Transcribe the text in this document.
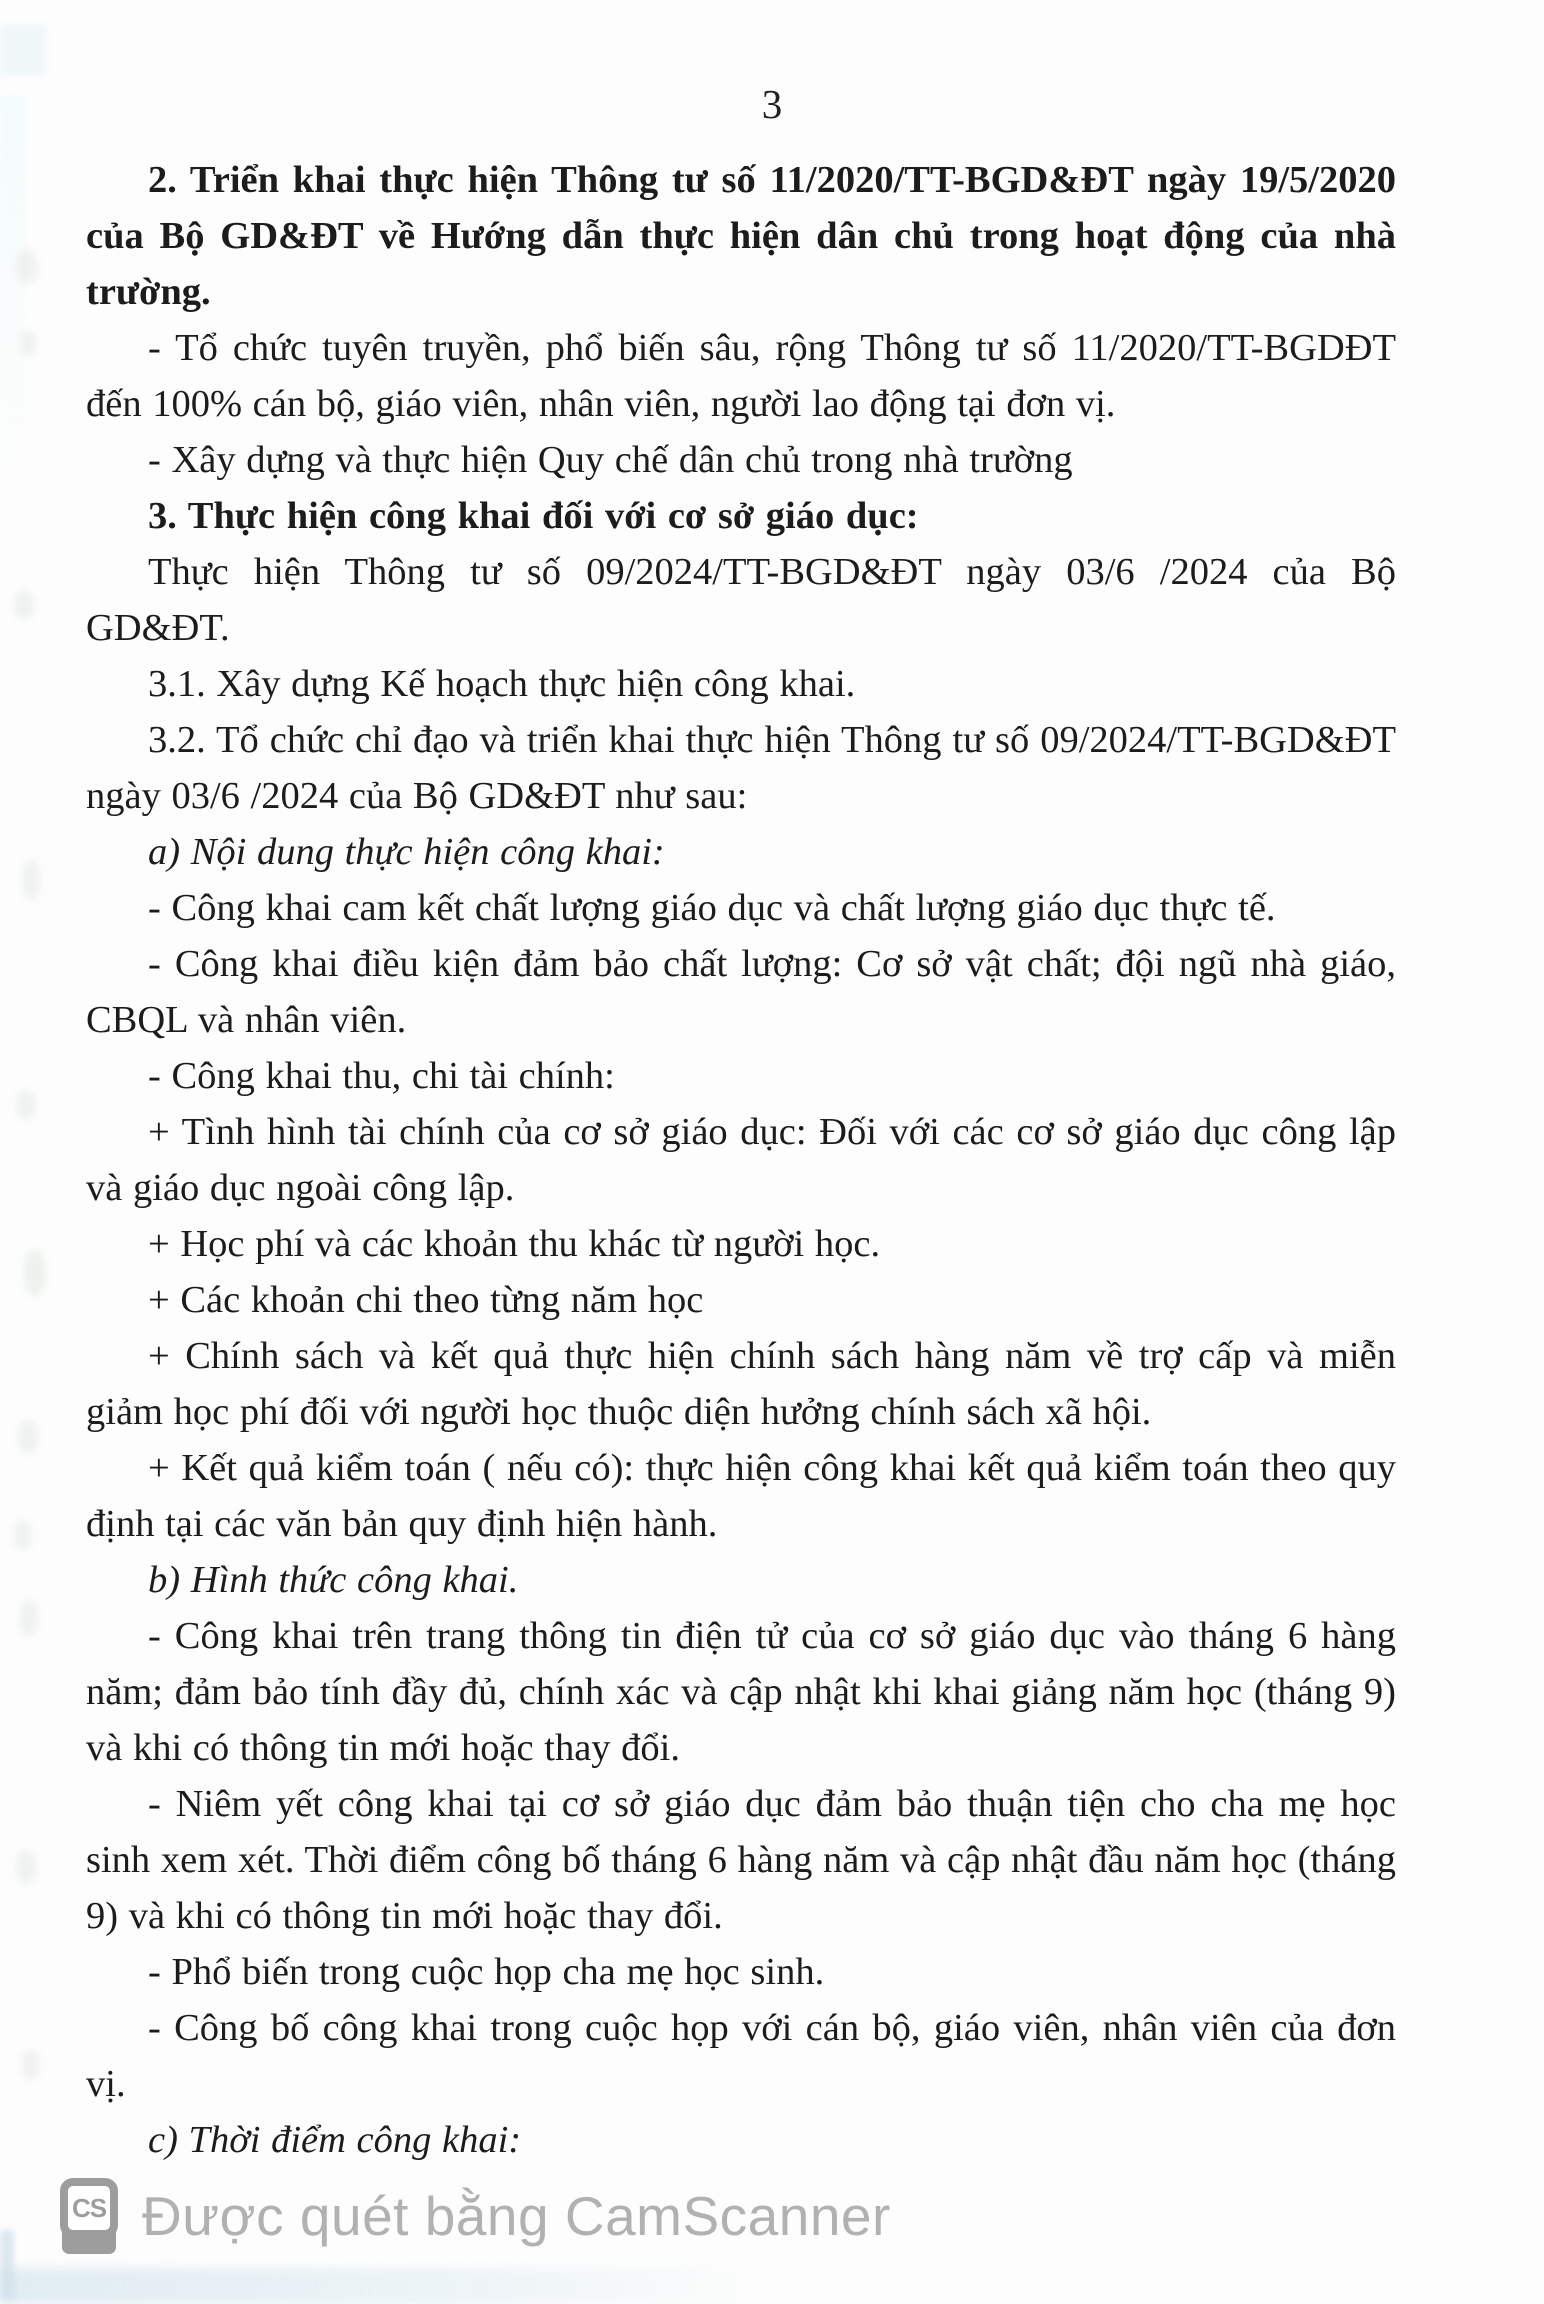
3

2. Triển khai thực hiện Thông tư số 11/2020/TT-BGD&ĐT ngày 19/5/2020 của Bộ GD&ĐT về Hướng dẫn thực hiện dân chủ trong hoạt động của nhà trường.

- Tổ chức tuyên truyền, phổ biến sâu, rộng Thông tư số 11/2020/TT-BGDĐT đến 100% cán bộ, giáo viên, nhân viên, người lao động tại đơn vị.

- Xây dựng và thực hiện Quy chế dân chủ trong nhà trường

3. Thực hiện công khai đối với cơ sở giáo dục:

Thực hiện Thông tư số 09/2024/TT-BGD&ĐT ngày 03/6 /2024 của Bộ GD&ĐT.

3.1. Xây dựng Kế hoạch thực hiện công khai.

3.2. Tổ chức chỉ đạo và triển khai thực hiện Thông tư số 09/2024/TT-BGD&ĐT ngày 03/6 /2024 của Bộ GD&ĐT như sau:

a) Nội dung thực hiện công khai:

- Công khai cam kết chất lượng giáo dục và chất lượng giáo dục thực tế.

- Công khai điều kiện đảm bảo chất lượng: Cơ sở vật chất; đội ngũ nhà giáo, CBQL và nhân viên.

- Công khai thu, chi tài chính:

+ Tình hình tài chính của cơ sở giáo dục: Đối với các cơ sở giáo dục công lập và giáo dục ngoài công lập.

+ Học phí và các khoản thu khác từ người học.

+ Các khoản chi theo từng năm học

+ Chính sách và kết quả thực hiện chính sách hàng năm về trợ cấp và miễn giảm học phí đối với người học thuộc diện hưởng chính sách xã hội.

+ Kết quả kiểm toán ( nếu có): thực hiện công khai kết quả kiểm toán theo quy định tại các văn bản quy định hiện hành.

b) Hình thức công khai.

- Công khai trên trang thông tin điện tử của cơ sở giáo dục vào tháng 6 hàng năm; đảm bảo tính đầy đủ, chính xác và cập nhật khi khai giảng năm học (tháng 9) và khi có thông tin mới hoặc thay đổi.

- Niêm yết công khai tại cơ sở giáo dục đảm bảo thuận tiện cho cha mẹ học sinh xem xét. Thời điểm công bố tháng 6 hàng năm và cập nhật đầu năm học (tháng 9) và khi có thông tin mới hoặc thay đổi.

- Phổ biến trong cuộc họp cha mẹ học sinh.

- Công bố công khai trong cuộc họp với cán bộ, giáo viên, nhân viên của đơn vị.

c) Thời điểm công khai:

CS Được quét bằng CamScanner
